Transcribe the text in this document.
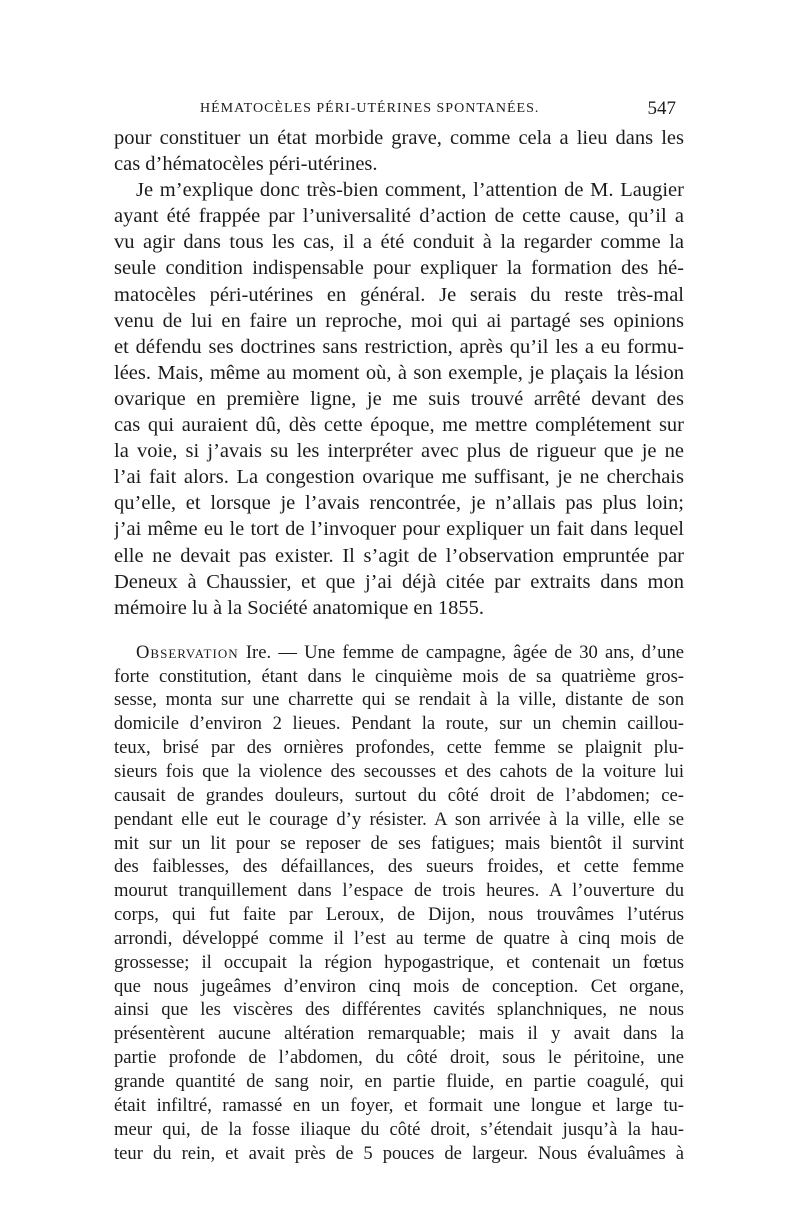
HÉMATOCÈLES PÉRI-UTÉRINES SPONTANÉES.	547
pour constituer un état morbide grave, comme cela a lieu dans les
cas d’hématocèles péri-utérines.
Je m’explique donc très-bien comment, l’attention de M. Laugier
ayant été frappée par l’universalité d’action de cette cause, qu’il a
vu agir dans tous les cas, il a été conduit à la regarder comme la
seule condition indispensable pour expliquer la formation des hé-
matocèles péri-utérines en général. Je serais du reste très-mal
venu de lui en faire un reproche, moi qui ai partagé ses opinions
et défendu ses doctrines sans restriction, après qu’il les a eu formu-
lées. Mais, même au moment où, à son exemple, je plaçais la lésion
ovarique en première ligne, je me suis trouvé arrêté devant des
cas qui auraient dû, dès cette époque, me mettre complétement sur
la voie, si j’avais su les interpréter avec plus de rigueur que je ne
l’ai fait alors. La congestion ovarique me suffisant, je ne cherchais
qu’elle, et lorsque je l’avais rencontrée, je n’allais pas plus loin;
j’ai même eu le tort de l’invoquer pour expliquer un fait dans lequel
elle ne devait pas exister. Il s’agit de l’observation empruntée par
Deneux à Chaussier, et que j’ai déjà citée par extraits dans mon
mémoire lu à la Société anatomique en 1855.
Observation Ire. — Une femme de campagne, âgée de 30 ans, d’une
forte constitution, étant dans le cinquième mois de sa quatrième gros-
sesse, monta sur une charrette qui se rendait à la ville, distante de son
domicile d’environ 2 lieues. Pendant la route, sur un chemin caillou-
teux, brisé par des ornières profondes, cette femme se plaignit plu-
sieurs fois que la violence des secousses et des cahots de la voiture lui
causait de grandes douleurs, surtout du côté droit de l’abdomen; ce-
pendant elle eut le courage d’y résister. A son arrivée à la ville, elle se
mit sur un lit pour se reposer de ses fatigues; mais bientôt il survint
des faiblesses, des défaillances, des sueurs froides, et cette femme
mourut tranquillement dans l’espace de trois heures. A l’ouverture du
corps, qui fut faite par Leroux, de Dijon, nous trouvâmes l’utérus
arrondi, développé comme il l’est au terme de quatre à cinq mois de
grossesse; il occupait la région hypogastrique, et contenait un fœtus
que nous jugeâmes d’environ cinq mois de conception. Cet organe,
ainsi que les viscères des différentes cavités splanchniques, ne nous
présentèrent aucune altération remarquable; mais il y avait dans la
partie profonde de l’abdomen, du côté droit, sous le péritoine, une
grande quantité de sang noir, en partie fluide, en partie coagulé, qui
était infiltré, ramassé en un foyer, et formait une longue et large tu-
meur qui, de la fosse iliaque du côté droit, s’étendait jusqu’à la hau-
teur du rein, et avait près de 5 pouces de largeur. Nous évaluâmes à
